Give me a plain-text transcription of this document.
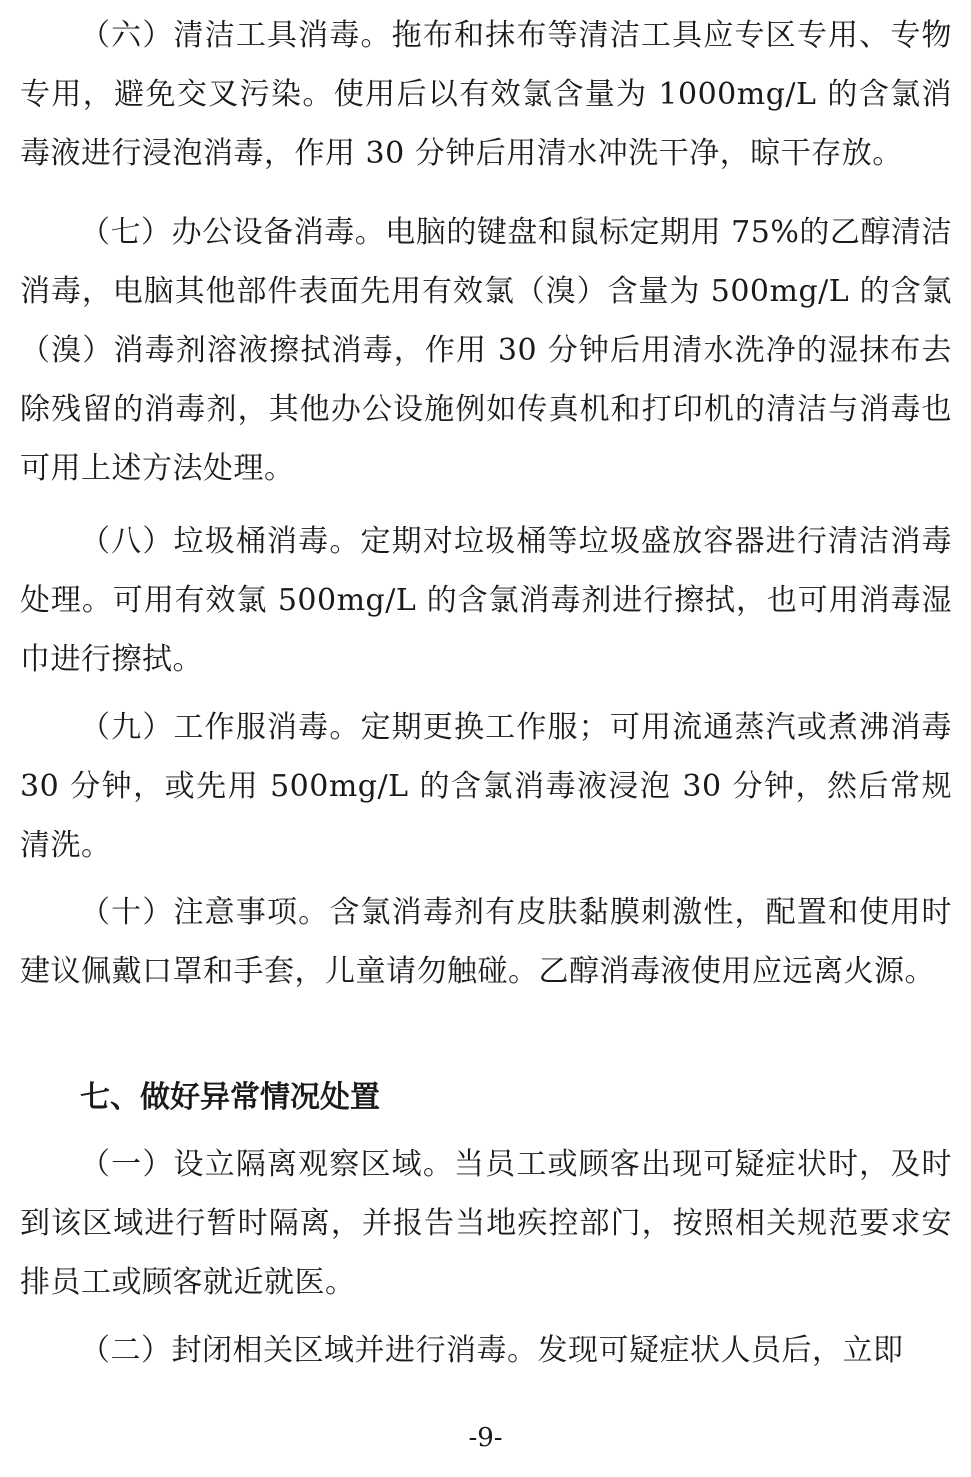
（六）清洁工具消毒。拖布和抹布等清洁工具应专区专用、专物专用，避免交叉污染。使用后以有效氯含量为 1000mg/L 的含氯消毒液进行浸泡消毒，作用 30 分钟后用清水冲洗干净，晾干存放。

（七）办公设备消毒。电脑的键盘和鼠标定期用 75%的乙醇清洁消毒，电脑其他部件表面先用有效氯（溴）含量为 500mg/L 的含氯（溴）消毒剂溶液擦拭消毒，作用 30 分钟后用清水洗净的湿抹布去除残留的消毒剂，其他办公设施例如传真机和打印机的清洁与消毒也可用上述方法处理。

（八）垃圾桶消毒。定期对垃圾桶等垃圾盛放容器进行清洁消毒处理。可用有效氯 500mg/L 的含氯消毒剂进行擦拭，也可用消毒湿巾进行擦拭。

（九）工作服消毒。定期更换工作服；可用流通蒸汽或煮沸消毒 30 分钟，或先用 500mg/L 的含氯消毒液浸泡 30 分钟，然后常规清洗。

（十）注意事项。含氯消毒剂有皮肤黏膜刺激性，配置和使用时建议佩戴口罩和手套，儿童请勿触碰。乙醇消毒液使用应远离火源。

七、做好异常情况处置

（一）设立隔离观察区域。当员工或顾客出现可疑症状时，及时到该区域进行暂时隔离，并报告当地疾控部门，按照相关规范要求安排员工或顾客就近就医。

（二）封闭相关区域并进行消毒。发现可疑症状人员后，立即

-9-
